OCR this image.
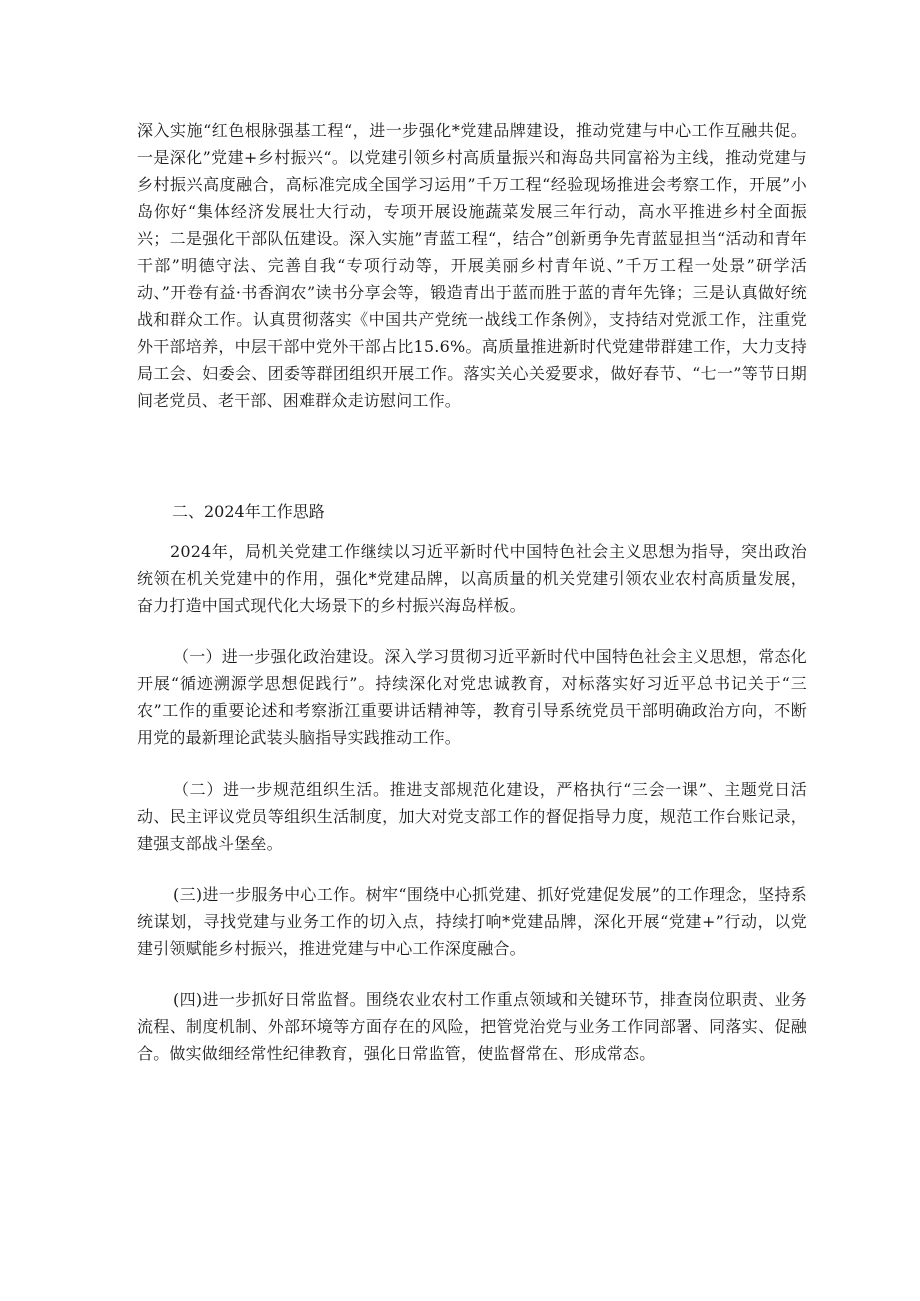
深入实施“红色根脉强基工程“，进一步强化*党建品牌建设，推动党建与中心工作互融共促。一是深化”党建+乡村振兴“。以党建引领乡村高质量振兴和海岛共同富裕为主线，推动党建与乡村振兴高度融合，高标准完成全国学习运用”千万工程“经验现场推进会考察工作，开展”小岛你好“集体经济发展壮大行动，专项开展设施蔬菜发展三年行动，高水平推进乡村全面振兴；二是强化干部队伍建设。深入实施”青蓝工程“，结合”创新勇争先青蓝显担当“活动和青年干部”明德守法、完善自我“专项行动等，开展美丽乡村青年说、”千万工程一处景”研学活动、”开卷有益·书香润农”读书分享会等，锻造青出于蓝而胜于蓝的青年先锋；三是认真做好统战和群众工作。认真贯彻落实《中国共产党统一战线工作条例》，支持结对党派工作，注重党外干部培养，中层干部中党外干部占比15.6%。高质量推进新时代党建带群建工作，大力支持局工会、妇委会、团委等群团组织开展工作。落实关心关爱要求，做好春节、“七一”等节日期间老党员、老干部、困难群众走访慰问工作。

二、2024年工作思路

2024年，局机关党建工作继续以习近平新时代中国特色社会主义思想为指导，突出政治统领在机关党建中的作用，强化*党建品牌，以高质量的机关党建引领农业农村高质量发展，奋力打造中国式现代化大场景下的乡村振兴海岛样板。

（一）进一步强化政治建设。深入学习贯彻习近平新时代中国特色社会主义思想，常态化开展“循迹溯源学思想促践行”。持续深化对党忠诚教育，对标落实好习近平总书记关于“三农”工作的重要论述和考察浙江重要讲话精神等，教育引导系统党员干部明确政治方向，不断用党的最新理论武装头脑指导实践推动工作。

（二）进一步规范组织生活。推进支部规范化建设，严格执行“三会一课”、主题党日活动、民主评议党员等组织生活制度，加大对党支部工作的督促指导力度，规范工作台账记录，建强支部战斗堡垒。

(三)进一步服务中心工作。树牢“围绕中心抓党建、抓好党建促发展”的工作理念，坚持系统谋划，寻找党建与业务工作的切入点，持续打响*党建品牌，深化开展“党建+”行动，以党建引领赋能乡村振兴，推进党建与中心工作深度融合。

(四)进一步抓好日常监督。围绕农业农村工作重点领域和关键环节，排查岗位职责、业务流程、制度机制、外部环境等方面存在的风险，把管党治党与业务工作同部署、同落实、促融合。做实做细经常性纪律教育，强化日常监管，使监督常在、形成常态。
